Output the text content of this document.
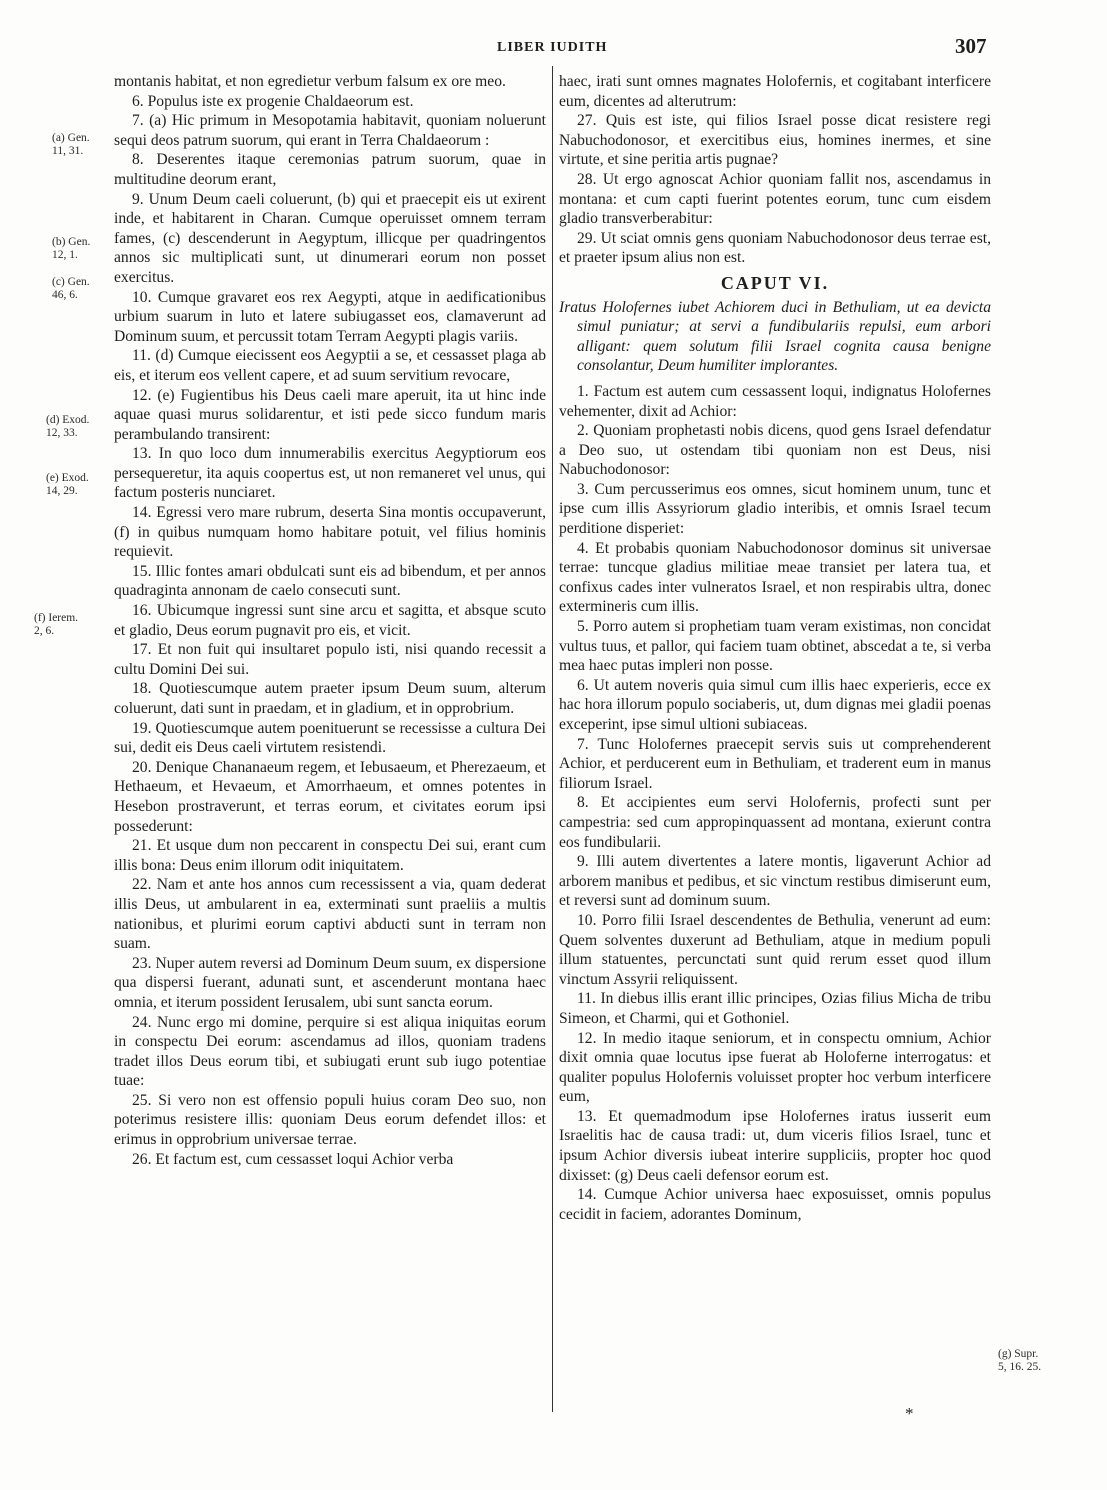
LIBER IUDITH	307
(a) Gen.
11, 31.
(b) Gen.
12, 1.
(c) Gen.
46, 6.
(d) Exod.
12, 33.
(e) Exod.
14, 29.
(f) Ierem.
2, 6.
(g) Supr.
5, 16. 25.

montanis habitat, et non egredietur verbum falsum ex ore meo.

6. Populus iste ex progenie Chaldaeorum est.

7. (a) Hic primum in Mesopotamia habitavit, quoniam noluerunt sequi deos patrum suorum, qui erant in Terra Chaldaeorum :

8. Deserentes itaque ceremonias patrum suorum, quae in multitudine deorum erant,

9. Unum Deum caeli coluerunt, (b) qui et praecepit eis ut exirent inde, et habitarent in Charan. Cumque operuisset omnem terram fames, (c) descenderunt in Aegyptum, illicque per quadringentos annos sic multiplicati sunt, ut dinumerari eorum non posset exercitus.

10. Cumque gravaret eos rex Aegypti, atque in aedificationibus urbium suarum in luto et latere subiugasset eos, clamaverunt ad Dominum suum, et percussit totam Terram Aegypti plagis variis.

11. (d) Cumque eiecissent eos Aegyptii a se, et cessasset plaga ab eis, et iterum eos vellent capere, et ad suum servitium revocare,

12. (e) Fugientibus his Deus caeli mare aperuit, ita ut hinc inde aquae quasi murus solidarentur, et isti pede sicco fundum maris perambulando transirent:

13. In quo loco dum innumerabilis exercitus Aegyptiorum eos persequeretur, ita aquis coopertus est, ut non remaneret vel unus, qui factum posteris nunciaret.

14. Egressi vero mare rubrum, deserta Sina montis occupaverunt, (f) in quibus numquam homo habitare potuit, vel filius hominis requievit.

15. Illic fontes amari obdulcati sunt eis ad bibendum, et per annos quadraginta annonam de caelo consecuti sunt.

16. Ubicumque ingressi sunt sine arcu et sagitta, et absque scuto et gladio, Deus eorum pugnavit pro eis, et vicit.

17. Et non fuit qui insultaret populo isti, nisi quando recessit a cultu Domini Dei sui.

18. Quotiescumque autem praeter ipsum Deum suum, alterum coluerunt, dati sunt in praedam, et in gladium, et in opprobrium.

19. Quotiescumque autem poenituerunt se recessisse a cultura Dei sui, dedit eis Deus caeli virtutem resistendi.

20. Denique Chananaeum regem, et Iebusaeum, et Pherezaeum, et Hethaeum, et Hevaeum, et Amorrhaeum, et omnes potentes in Hesebon prostraverunt, et terras eorum, et civitates eorum ipsi possederunt:

21. Et usque dum non peccarent in conspectu Dei sui, erant cum illis bona: Deus enim illorum odit iniquitatem.

22. Nam et ante hos annos cum recessissent a via, quam dederat illis Deus, ut ambularent in ea, exterminati sunt praeliis a multis nationibus, et plurimi eorum captivi abducti sunt in terram non suam.

23. Nuper autem reversi ad Dominum Deum suum, ex dispersione qua dispersi fuerant, adunati sunt, et ascenderunt montana haec omnia, et iterum possident Ierusalem, ubi sunt sancta eorum.

24. Nunc ergo mi domine, perquire si est aliqua iniquitas eorum in conspectu Dei eorum: ascendamus ad illos, quoniam tradens tradet illos Deus eorum tibi, et subiugati erunt sub iugo potentiae tuae:

25. Si vero non est offensio populi huius coram Deo suo, non poterimus resistere illis: quoniam Deus eorum defendet illos: et erimus in opprobrium universae terrae.

26. Et factum est, cum cessasset loqui Achior verba

haec, irati sunt omnes magnates Holofernis, et cogitabant interficere eum, dicentes ad alterutrum:

27. Quis est iste, qui filios Israel posse dicat resistere regi Nabuchodonosor, et exercitibus eius, homines inermes, et sine virtute, et sine peritia artis pugnae?

28. Ut ergo agnoscat Achior quoniam fallit nos, ascendamus in montana: et cum capti fuerint potentes eorum, tunc cum eisdem gladio transverberabitur:

29. Ut sciat omnis gens quoniam Nabuchodonosor deus terrae est, et praeter ipsum alius non est.

CAPUT VI.

Iratus Holofernes iubet Achiorem duci in Bethuliam, ut ea devicta simul puniatur; at servi a fundibulariis repulsi, eum arbori alligant: quem solutum filii Israel cognita causa benigne consolantur, Deum humiliter implorantes.

1. Factum est autem cum cessassent loqui, indignatus Holofernes vehementer, dixit ad Achior:

2. Quoniam prophetasti nobis dicens, quod gens Israel defendatur a Deo suo, ut ostendam tibi quoniam non est Deus, nisi Nabuchodonosor:

3. Cum percusserimus eos omnes, sicut hominem unum, tunc et ipse cum illis Assyriorum gladio interibis, et omnis Israel tecum perditione disperiet:

4. Et probabis quoniam Nabuchodonosor dominus sit universae terrae: tuncque gladius militiae meae transiet per latera tua, et confixus cades inter vulneratos Israel, et non respirabis ultra, donec extermineris cum illis.

5. Porro autem si prophetiam tuam veram existimas, non concidat vultus tuus, et pallor, qui faciem tuam obtinet, abscedat a te, si verba mea haec putas impleri non posse.

6. Ut autem noveris quia simul cum illis haec experieris, ecce ex hac hora illorum populo sociaberis, ut, dum dignas mei gladii poenas exceperint, ipse simul ultioni subiaceas.

7. Tunc Holofernes praecepit servis suis ut comprehenderent Achior, et perducerent eum in Bethuliam, et traderent eum in manus filiorum Israel.

8. Et accipientes eum servi Holofernis, profecti sunt per campestria: sed cum appropinquassent ad montana, exierunt contra eos fundibularii.

9. Illi autem divertentes a latere montis, ligaverunt Achior ad arborem manibus et pedibus, et sic vinctum restibus dimiserunt eum, et reversi sunt ad dominum suum.

10. Porro filii Israel descendentes de Bethulia, venerunt ad eum: Quem solventes duxerunt ad Bethuliam, atque in medium populi illum statuentes, percunctati sunt quid rerum esset quod illum vinctum Assyrii reliquissent.

11. In diebus illis erant illic principes, Ozias filius Micha de tribu Simeon, et Charmi, qui et Gothoniel.

12. In medio itaque seniorum, et in conspectu omnium, Achior dixit omnia quae locutus ipse fuerat ab Holoferne interrogatus: et qualiter populus Holofernis voluisset propter hoc verbum interficere eum,

13. Et quemadmodum ipse Holofernes iratus iusserit eum Israelitis hac de causa tradi: ut, dum viceris filios Israel, tunc et ipsum Achior diversis iubeat interire suppliciis, propter hoc quod dixisset: (g) Deus caeli defensor eorum est.

14. Cumque Achior universa haec exposuisset, omnis populus cecidit in faciem, adorantes Dominum,

*
